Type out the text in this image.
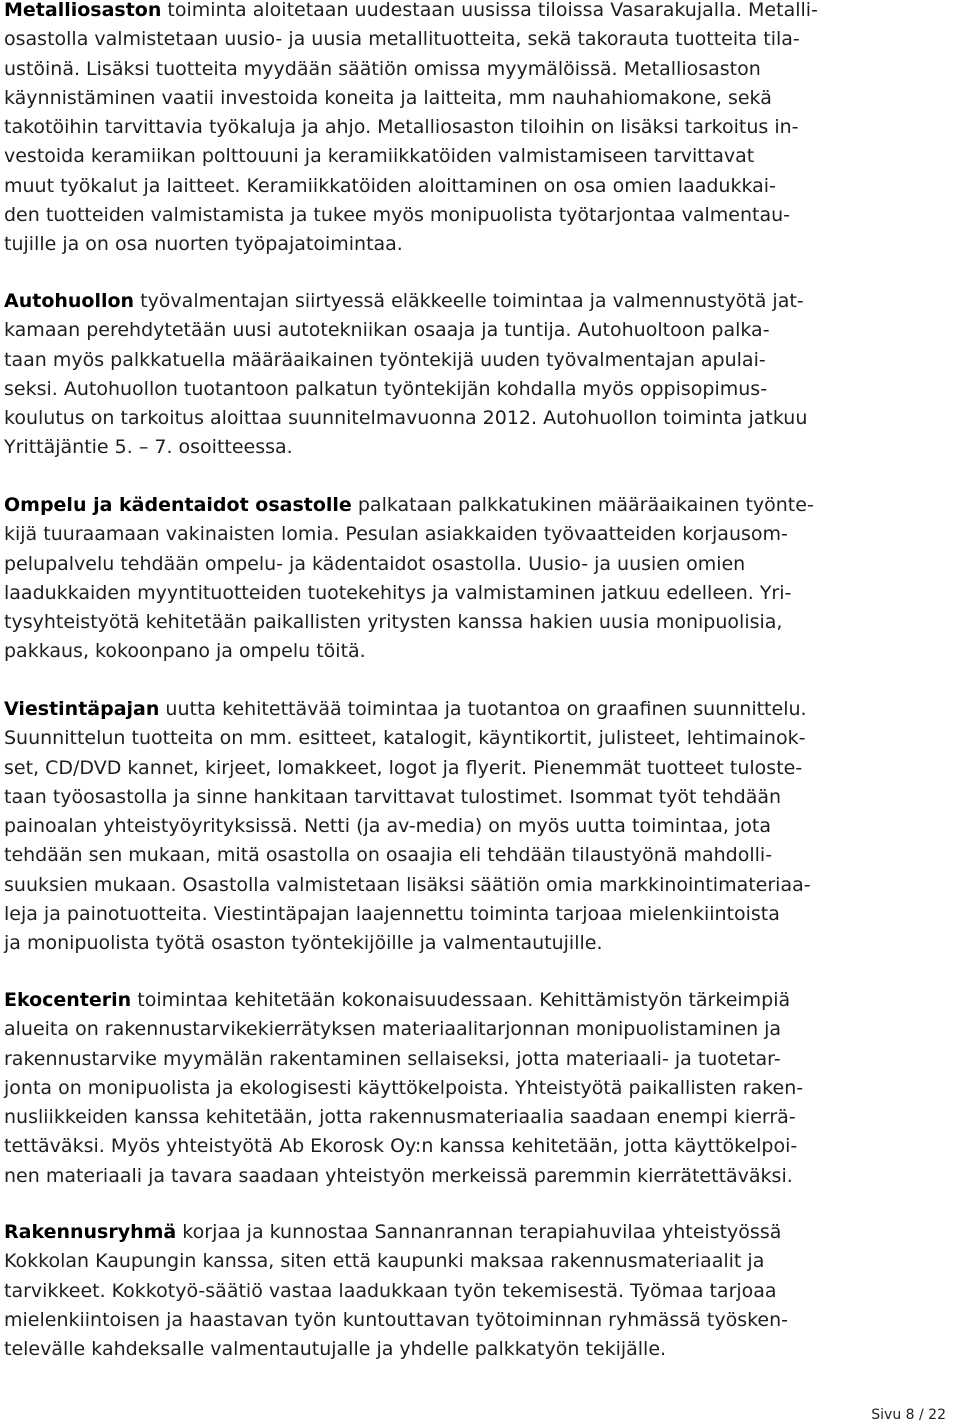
Metalliosaston toiminta aloitetaan uudestaan uusissa tiloissa Vasarakujalla. Metalli-
osastolla valmistetaan uusio- ja uusia metallituotteita, sekä takorauta tuotteita tila-
ustöinä. Lisäksi tuotteita myydään säätiön omissa myymälöissä. Metalliosaston
käynnistäminen vaatii investoida koneita ja laitteita, mm nauhahiomakone, sekä
takotöihin tarvittavia työkaluja ja ahjo. Metalliosaston tiloihin on lisäksi tarkoitus in-
vestoida keramiikan polttouuni ja keramiikkatöiden valmistamiseen tarvittavat
muut työkalut ja laitteet. Keramiikkatöiden aloittaminen on osa omien laadukkai-
den tuotteiden valmistamista ja tukee myös monipuolista työtarjontaa valmentau-
tujille ja on osa nuorten työpajatoimintaa.

Autohuollon työvalmentajan siirtyessä eläkkeelle toimintaa ja valmennustyötä jat-
kamaan perehdytetään uusi autotekniikan osaaja ja tuntija. Autohuoltoon palka-
taan myös palkkatuella määräaikainen työntekijä uuden työvalmentajan apulai-
seksi. Autohuollon tuotantoon palkatun työntekijän kohdalla myös oppisopimus-
koulutus on tarkoitus aloittaa suunnitelmavuonna 2012. Autohuollon toiminta jatkuu
Yrittäjäntie 5. – 7. osoitteessa.

Ompelu ja kädentaidot osastolle palkataan palkkatukinen määräaikainen työnte-
kijä tuuraamaan vakinaisten lomia. Pesulan asiakkaiden työvaatteiden korjausom-
pelupalvelu tehdään ompelu- ja kädentaidot osastolla. Uusio- ja uusien omien
laadukkaiden myyntituotteiden tuotekehitys ja valmistaminen jatkuu edelleen. Yri-
tysyhteistyötä kehitetään paikallisten yritysten kanssa hakien uusia monipuolisia,
pakkaus, kokoonpano ja ompelu töitä.

Viestintäpajan uutta kehitettävää toimintaa ja tuotantoa on graafinen suunnittelu.
Suunnittelun tuotteita on mm. esitteet, katalogit, käyntikortit, julisteet, lehtimainok-
set, CD/DVD kannet, kirjeet, lomakkeet, logot ja flyerit. Pienemmät tuotteet tuloste-
taan työosastolla ja sinne hankitaan tarvittavat tulostimet. Isommat työt tehdään
painoalan yhteistyöyrityksissä. Netti (ja av-media) on myös uutta toimintaa, jota
tehdään sen mukaan, mitä osastolla on osaajia eli tehdään tilaustyönä mahdolli-
suuksien mukaan. Osastolla valmistetaan lisäksi säätiön omia markkinointimateriaa-
leja ja painotuotteita. Viestintäpajan laajennettu toiminta tarjoaa mielenkiintoista
ja monipuolista työtä osaston työntekijöille ja valmentautujille.

Ekocenterin toimintaa kehitetään kokonaisuudessaan. Kehittämistyön tärkeimpiä
alueita on rakennustarvikekierrätyksen materiaalitarjonnan monipuolistaminen ja
rakennustarvike myymälän rakentaminen sellaiseksi, jotta materiaali- ja tuotetar-
jonta on monipuolista ja ekologisesti käyttökelpoista. Yhteistyötä paikallisten raken-
nusliikkeiden kanssa kehitetään, jotta rakennusmateriaalia saadaan enempi kierrä-
tettäväksi. Myös yhteistyötä Ab Ekorosk Oy:n kanssa kehitetään, jotta käyttökelpoi-
nen materiaali ja tavara saadaan yhteistyön merkeissä paremmin kierrätettäväksi.

Rakennusryhmä korjaa ja kunnostaa Sannanrannan terapiahuvilaa yhteistyössä
Kokkolan Kaupungin kanssa, siten että kaupunki maksaa rakennusmateriaalit ja
tarvikkeet. Kokkotyö-säätiö vastaa laadukkaan työn tekemisestä. Työmaa tarjoaa
mielenkiintoisen ja haastavan työn kuntouttavan työtoiminnan ryhmässä työsken-
televälle kahdeksalle valmentautujalle ja yhdelle palkkatyön tekijälle.

Sivu 8 / 22
